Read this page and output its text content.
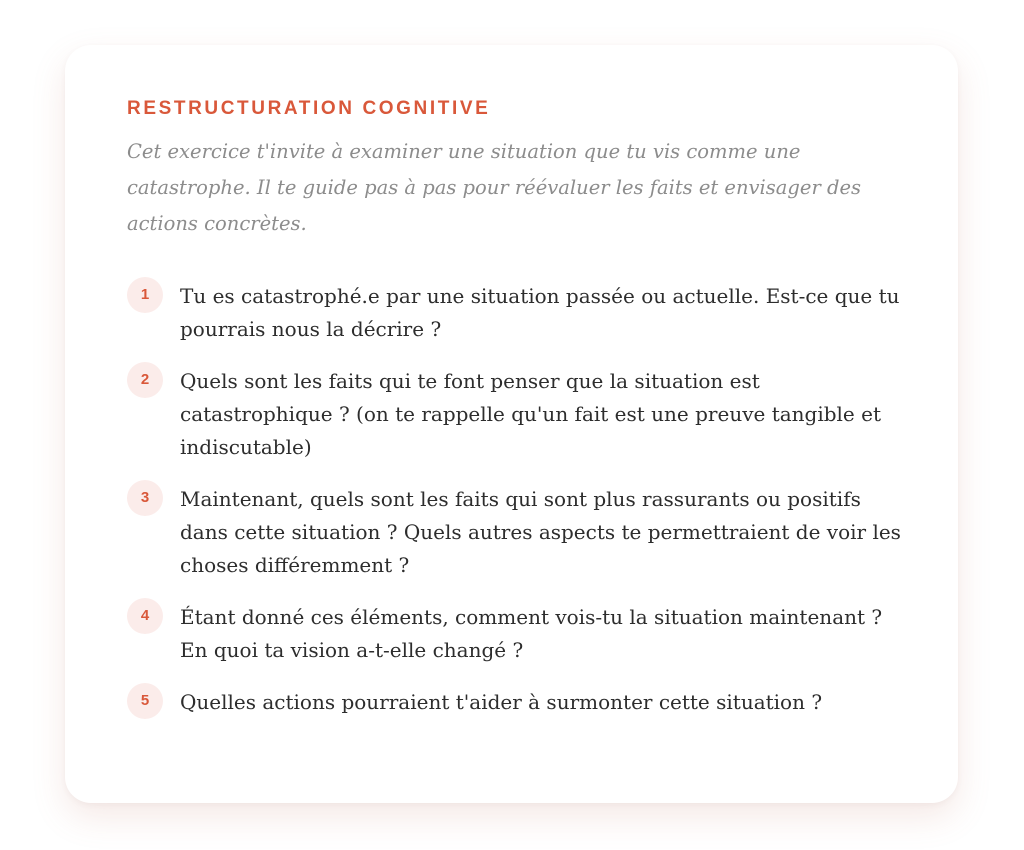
RESTRUCTURATION COGNITIVE

Cet exercice t'invite à examiner une situation que tu vis comme une catastrophe. Il te guide pas à pas pour réévaluer les faits et envisager des actions concrètes.

1	Tu es catastrophé.e par une situation passée ou actuelle. Est-ce que tu pourrais nous la décrire ?
2	Quels sont les faits qui te font penser que la situation est catastrophique ? (on te rappelle qu'un fait est une preuve tangible et indiscutable)
3	Maintenant, quels sont les faits qui sont plus rassurants ou positifs dans cette situation ? Quels autres aspects te permettraient de voir les choses différemment ?
4	Étant donné ces éléments, comment vois-tu la situation maintenant ? En quoi ta vision a-t-elle changé ?
5	Quelles actions pourraient t'aider à surmonter cette situation ?
